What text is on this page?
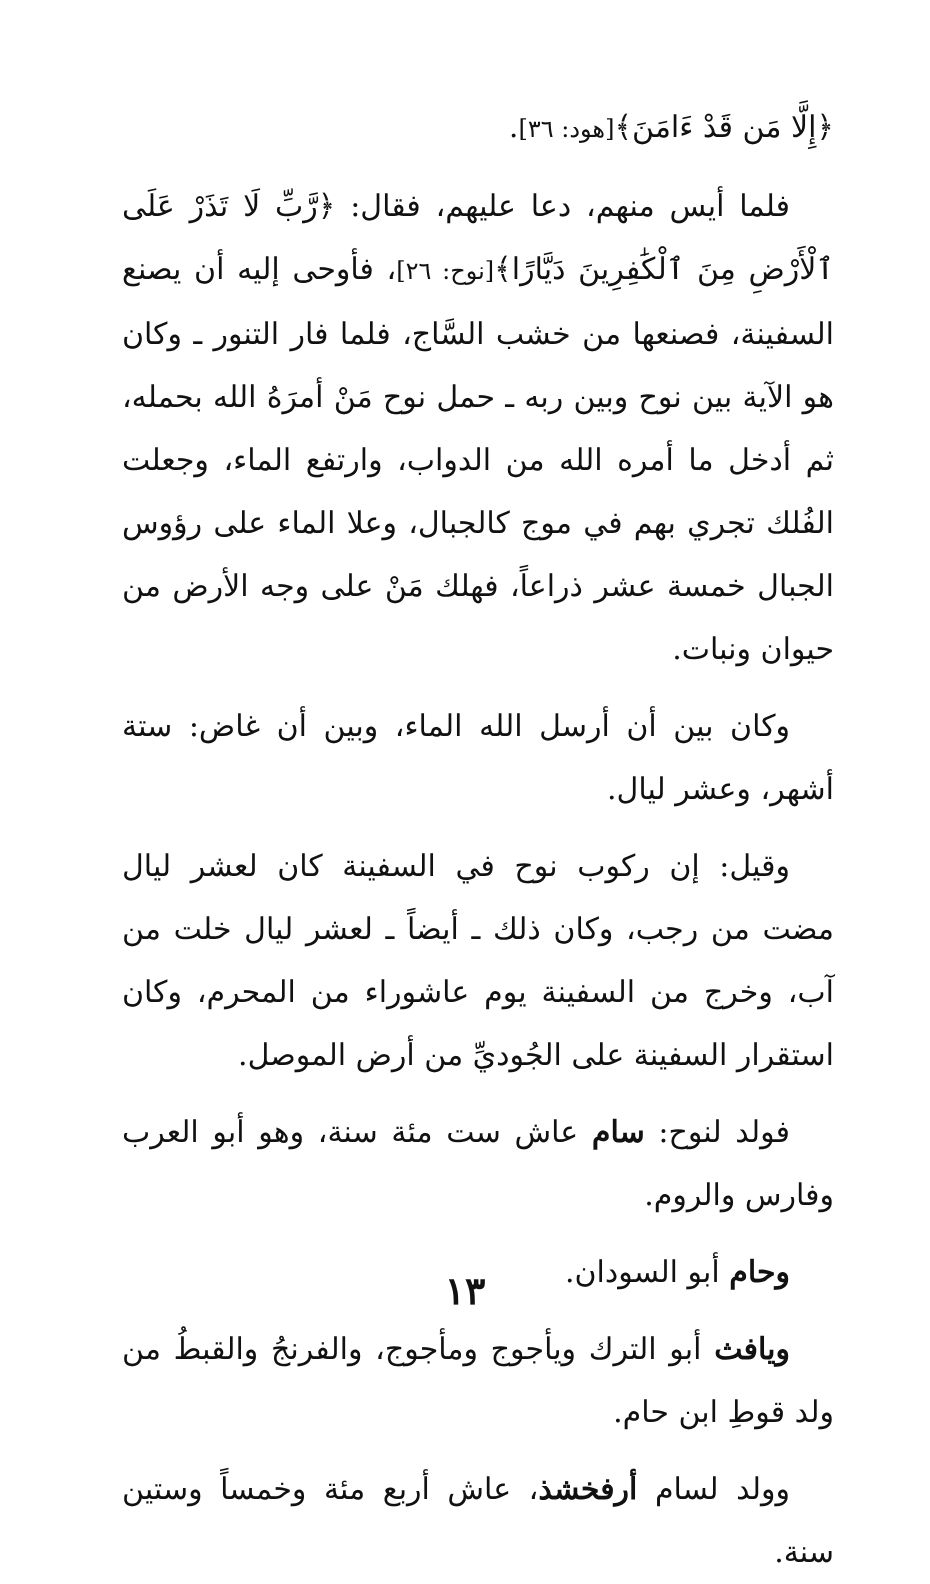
﴿إِلَّا مَن قَدْ ءَامَنَ﴾[هود: ٣٦].

فلما أيس منهم، دعا عليهم، فقال: ﴿رَّبِّ لَا تَذَرْ عَلَى ٱلْأَرْضِ مِنَ ٱلْكَٰفِرِينَ دَيَّارًا﴾[نوح: ٢٦]، فأوحى إليه أن يصنع السفينة، فصنعها من خشب السَّاج، فلما فار التنور ـ وكان هو الآية بين نوح وبين ربه ـ حمل نوح مَنْ أمرَهُ الله بحمله، ثم أدخل ما أمره الله من الدواب، وارتفع الماء، وجعلت الفُلك تجري بهم في موج كالجبال، وعلا الماء على رؤوس الجبال خمسة عشر ذراعاً، فهلك مَنْ على وجه الأرض من حيوان ونبات.

وكان بين أن أرسل الله الماء، وبين أن غاض: ستة أشهر، وعشر ليال.

وقيل: إن ركوب نوح في السفينة كان لعشر ليال مضت من رجب، وكان ذلك ـ أيضاً ـ لعشر ليال خلت من آب، وخرج من السفينة يوم عاشوراء من المحرم، وكان استقرار السفينة على الجُوديِّ من أرض الموصل.

فولد لنوح: سام عاش ست مئة سنة، وهو أبو العرب وفارس والروم.

وحام أبو السودان.

ويافث أبو الترك ويأجوج ومأجوج، والفرنجُ والقبطُ من ولد قوطِ ابن حام.

وولد لسام أرفخشذ، عاش أربع مئة وخمساً وستين سنة.

١٣
